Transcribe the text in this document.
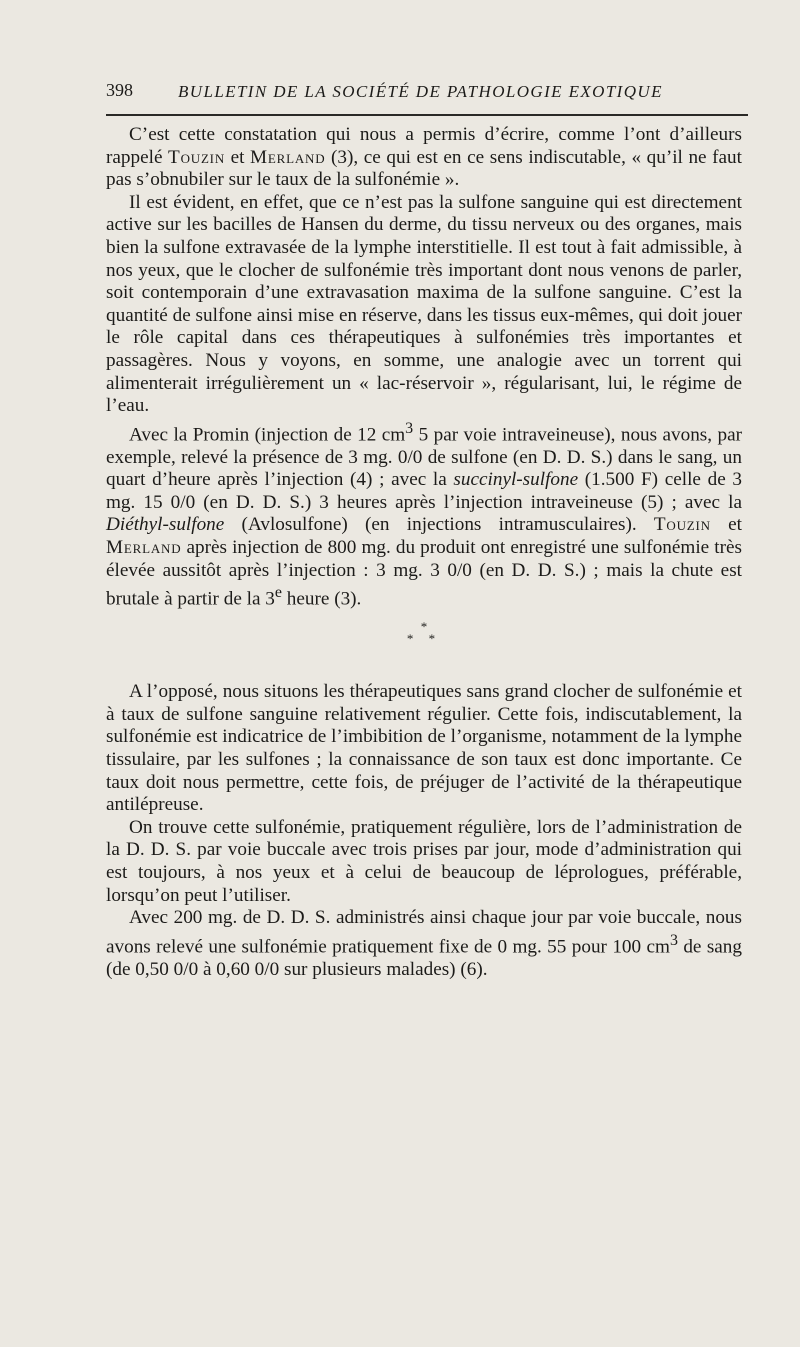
398	BULLETIN DE LA SOCIÉTÉ DE PATHOLOGIE EXOTIQUE

C’est cette constatation qui nous a permis d’écrire, comme l’ont d’ailleurs rappelé Touzin et Merland (3), ce qui est en ce sens indiscutable, « qu’il ne faut pas s’obnubiler sur le taux de la sulfonémie ».

Il est évident, en effet, que ce n’est pas la sulfone sanguine qui est directement active sur les bacilles de Hansen du derme, du tissu nerveux ou des organes, mais bien la sulfone extravasée de la lymphe interstitielle. Il est tout à fait admissible, à nos yeux, que le clocher de sulfonémie très important dont nous venons de parler, soit contemporain d’une extravasation maxima de la sulfone sanguine. C’est la quantité de sulfone ainsi mise en réserve, dans les tissus eux-mêmes, qui doit jouer le rôle capital dans ces thérapeutiques à sulfonémies très importantes et passagères. Nous y voyons, en somme, une analogie avec un torrent qui alimenterait irrégulièrement un « lac-réservoir », régularisant, lui, le régime de l’eau.

Avec la Promin (injection de 12 $cm^3$ 5 par voie intraveineuse), nous avons, par exemple, relevé la présence de 3 mg. 0/0 de sulfone (en D. D. S.) dans le sang, un quart d’heure après l’injection (4) ; avec la succinyl-sulfone (1.500 F) celle de 3 mg. 15 0/0 (en D. D. S.) 3 heures après l’injection intraveineuse (5) ; avec la Diéthyl-sulfone (Avlosulfone) (en injections intramusculaires). Touzin et Merland après injection de 800 mg. du produit ont enregistré une sulfonémie très élevée aussitôt après l’injection : 3 mg. 3 0/0 (en D. D. S.) ; mais la chute est brutale à partir de la 3e heure (3).

*
* *

A l’opposé, nous situons les thérapeutiques sans grand clocher de sulfonémie et à taux de sulfone sanguine relativement régulier. Cette fois, indiscutablement, la sulfonémie est indicatrice de l’imbibition de l’organisme, notamment de la lymphe tissulaire, par les sulfones ; la connaissance de son taux est donc importante. Ce taux doit nous permettre, cette fois, de préjuger de l’activité de la thérapeutique antilépreuse.

On trouve cette sulfonémie, pratiquement régulière, lors de l’administration de la D. D. S. par voie buccale avec trois prises par jour, mode d’administration qui est toujours, à nos yeux et à celui de beaucoup de léprologues, préférable, lorsqu’on peut l’utiliser.

Avec 200 mg. de D. D. S. administrés ainsi chaque jour par voie buccale, nous avons relevé une sulfonémie pratiquement fixe de 0 mg. 55 pour 100 $cm^3$ de sang (de 0,50 0/0 à 0,60 0/0 sur plusieurs malades) (6).
